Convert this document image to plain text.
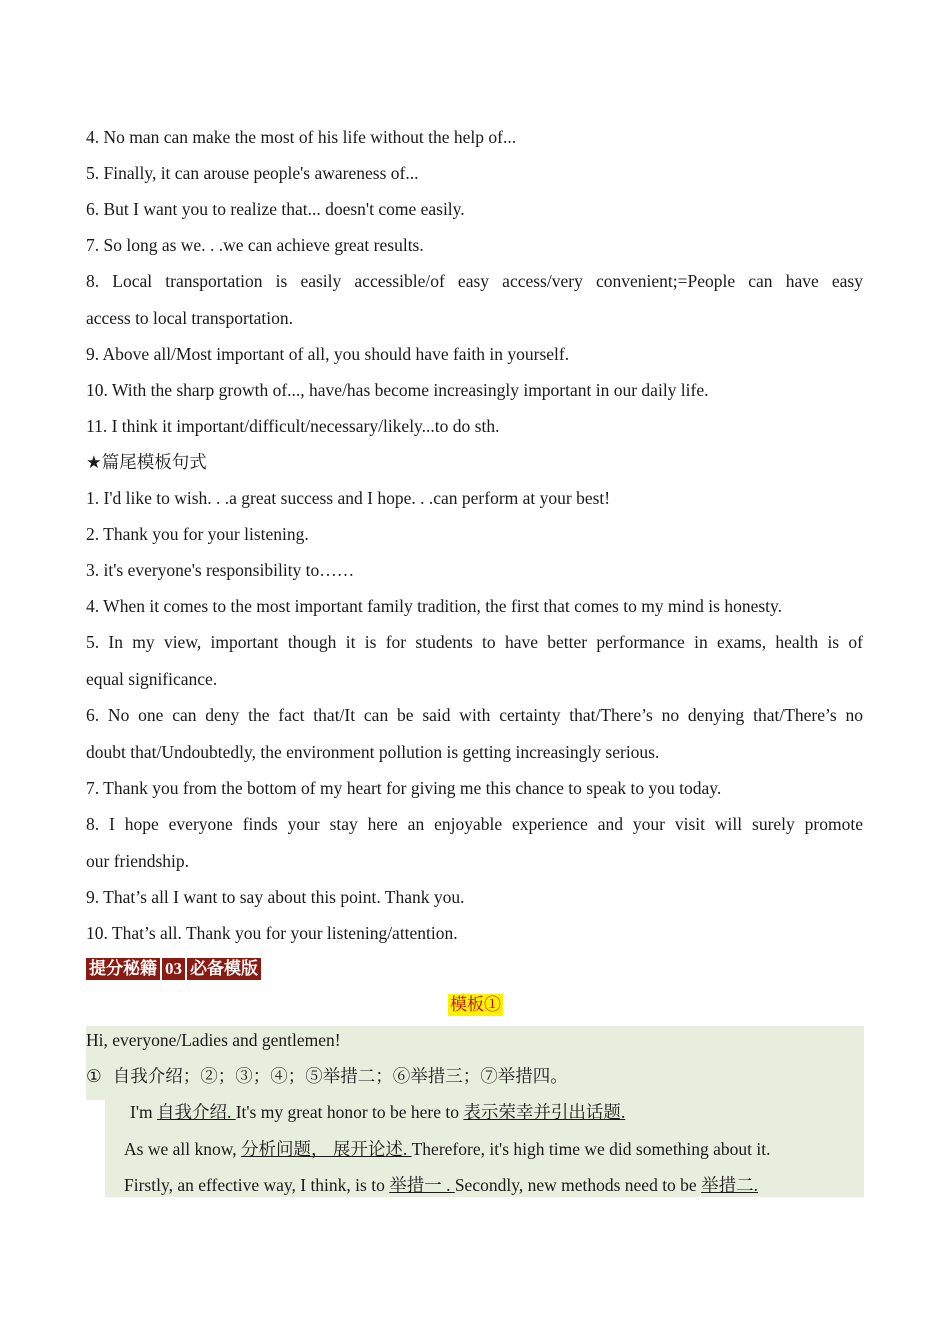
4. No man can make the most of his life without the help of...
5. Finally, it can arouse people's awareness of...
6. But I want you to realize that... doesn't come easily.
7. So long as we. . .we can achieve great results.
8. Local transportation is easily accessible/of easy access/very convenient;=People can have easy
access to local transportation.
9. Above all/Most important of all, you should have faith in yourself.
10. With the sharp growth of..., have/has become increasingly important in our daily life.
11. I think it important/difficult/necessary/likely...to do sth.
★篇尾模板句式
1. I'd like to wish. . .a great success and I hope. . .can perform at your best!
2. Thank you for your listening.
3. it's everyone's responsibility to……
4. When it comes to the most important family tradition, the first that comes to my mind is honesty.
5. In my view, important though it is for students to have better performance in exams, health is of
equal significance.
6. No one can deny the fact that/It can be said with certainty that/There’s no denying that/There’s no
doubt that/Undoubtedly, the environment pollution is getting increasingly serious.
7. Thank you from the bottom of my heart for giving me this chance to speak to you today.
8. I hope everyone finds your stay here an enjoyable experience and your visit will surely promote
our friendship.
9. That’s all I want to say about this point. Thank you.
10. That’s all. Thank you for your listening/attention.
提分秘籍 03 必备模版
模板①
Hi, everyone/Ladies and gentlemen!
① 自我介绍；②；③；④；⑤举措二；⑥举措三；⑦举措四。
I'm 自我介绍. It's my great honor to be here to 表示荣幸并引出话题.
As we all know, 分析问题， 展开论述. Therefore, it's high time we did something about it.
Firstly, an effective way, I think, is to 举措一 . Secondly, new methods need to be 举措二.
